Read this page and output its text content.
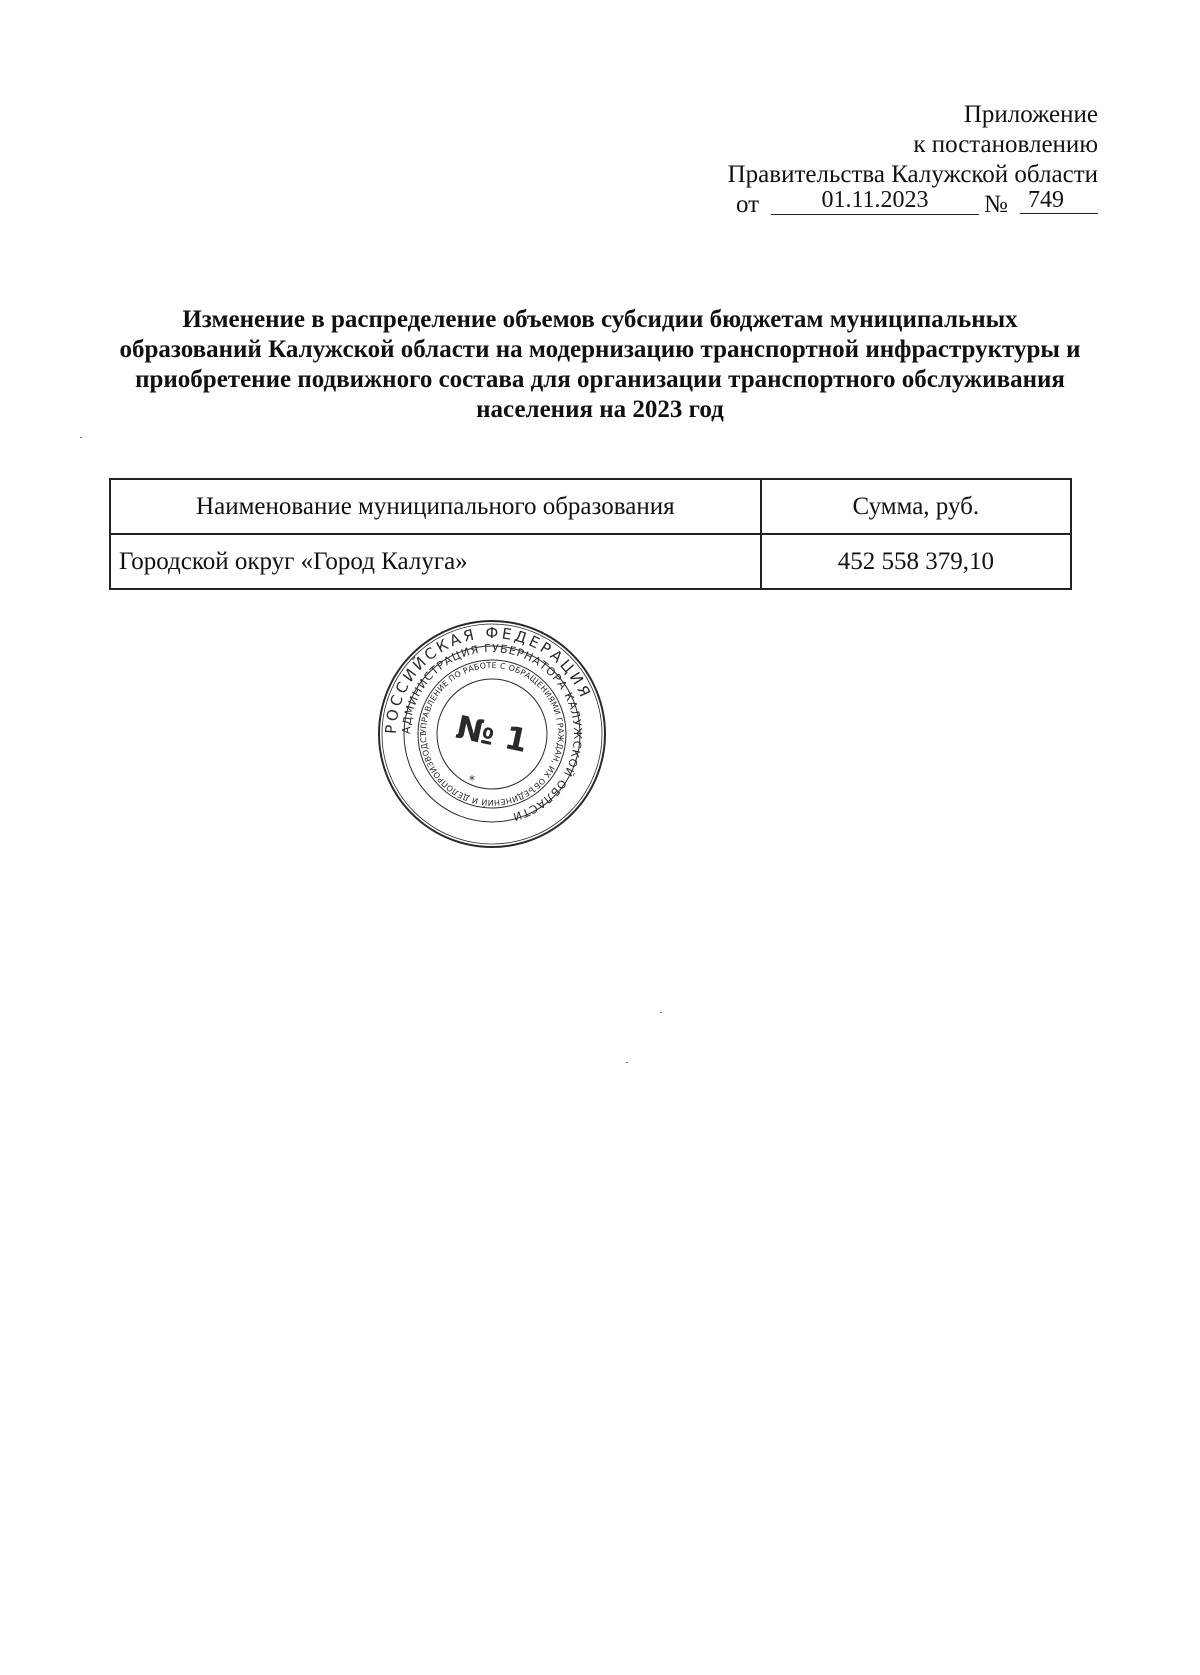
Приложение
к постановлению
Правительства Калужской области
от	01.11.2023	№ 749
Изменение в распределение объемов субсидии бюджетам муниципальных образований Калужской области на модернизацию транспортной инфраструктуры и приобретение подвижного состава для организации транспортного обслуживания населения на 2023 год
Наименование муниципального образования	Сумма, руб.
Городской округ «Город Калуга»	452 558 379,10
РОССИЙСКАЯ ФЕДЕРАЦИЯ
АДМИНИСТРАЦИЯ ГУБЕРНАТОРА КАЛУЖСКОЙ ОБЛАСТИ
УПРАВЛЕНИЕ ПО РАБОТЕ С ОБРАЩЕНИЯМИ ГРАЖДАН, ИХ ОБЪЕДИНЕНИЙ И ДЕЛОПРОИЗВОДСТ № 1
*
